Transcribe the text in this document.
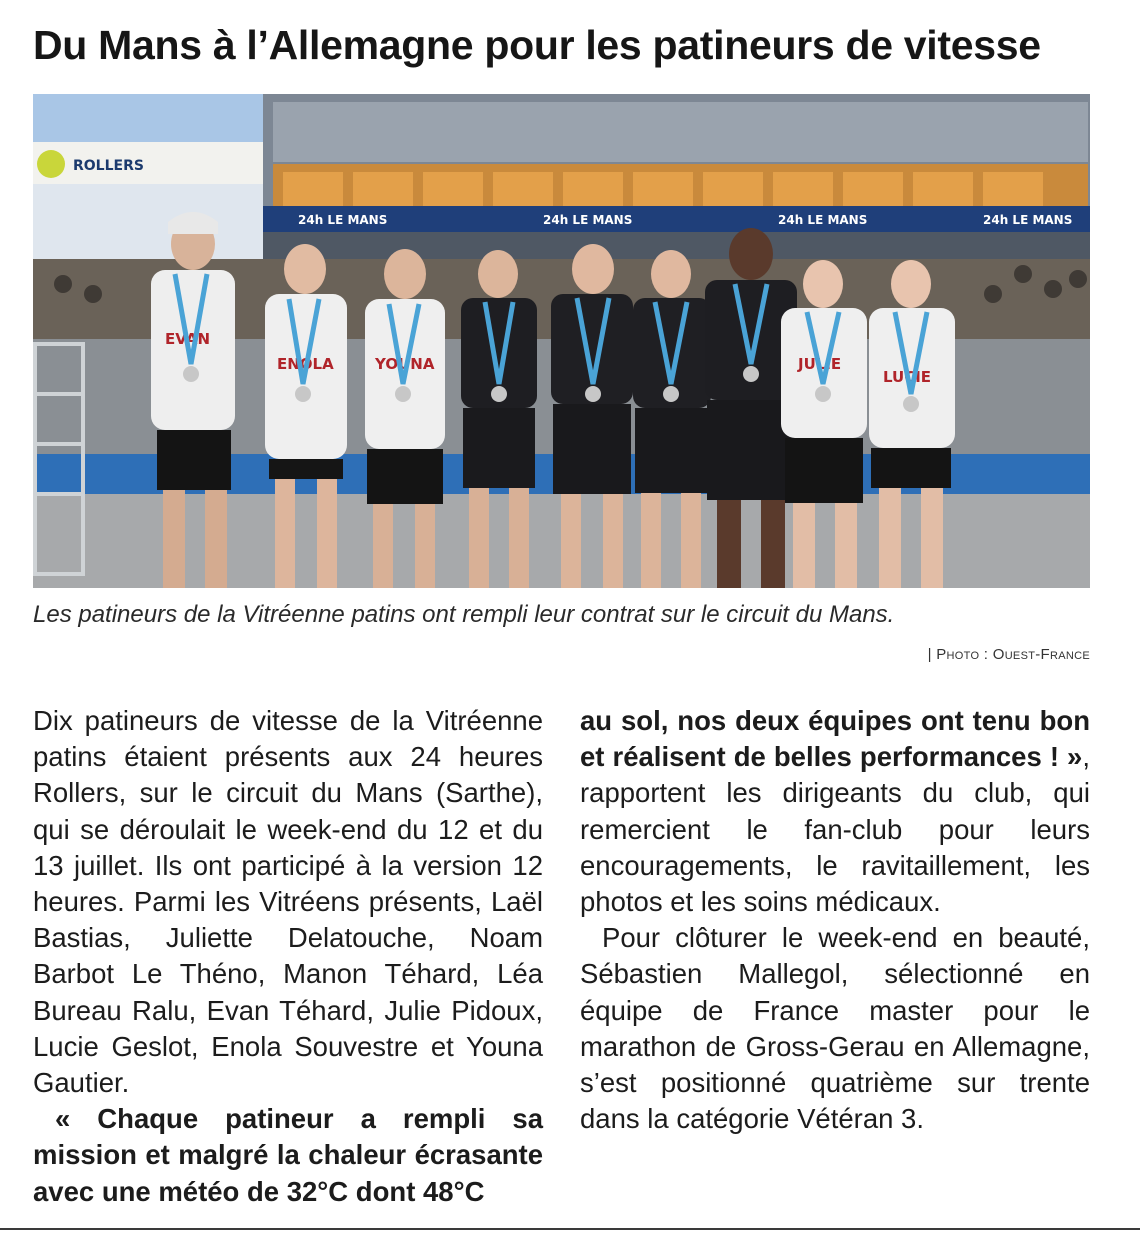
Du Mans à l’Allemagne pour les patineurs de vitesse
24h LE MANS	24h LE MANS	24h LE MANS	24h LE MANS
ROLLERS
EVAN
ENOLA	YOUNA	JULIE
LUCIE
Les patineurs de la Vitréenne patins ont rempli leur contrat sur le circuit du Mans.
| Photo : Ouest-France

Dix patineurs de vitesse de la Vitréenne patins étaient présents aux 24 heures Rollers, sur le circuit du Mans (Sarthe), qui se déroulait le week-end du 12 et du 13 juillet. Ils ont participé à la version 12 heures. Parmi les Vitréens présents, Laël Bastias, Juliette Delatouche, Noam Barbot Le Théno, Manon Téhard, Léa Bureau Ralu, Evan Téhard, Julie Pidoux, Lucie Geslot, Enola Souvestre et Youna Gautier.

« Chaque patineur a rempli sa mission et malgré la chaleur écrasante avec une météo de 32°C dont 48°C

au sol, nos deux équipes ont tenu bon et réalisent de belles performances ! », rapportent les dirigeants du club, qui remercient le fan-club pour leurs encouragements, le ravitaillement, les photos et les soins médicaux.

Pour clôturer le week-end en beauté, Sébastien Mallegol, sélectionné en équipe de France master pour le marathon de Gross-Gerau en Allemagne, s’est positionné quatrième sur trente dans la catégorie Vétéran 3.
